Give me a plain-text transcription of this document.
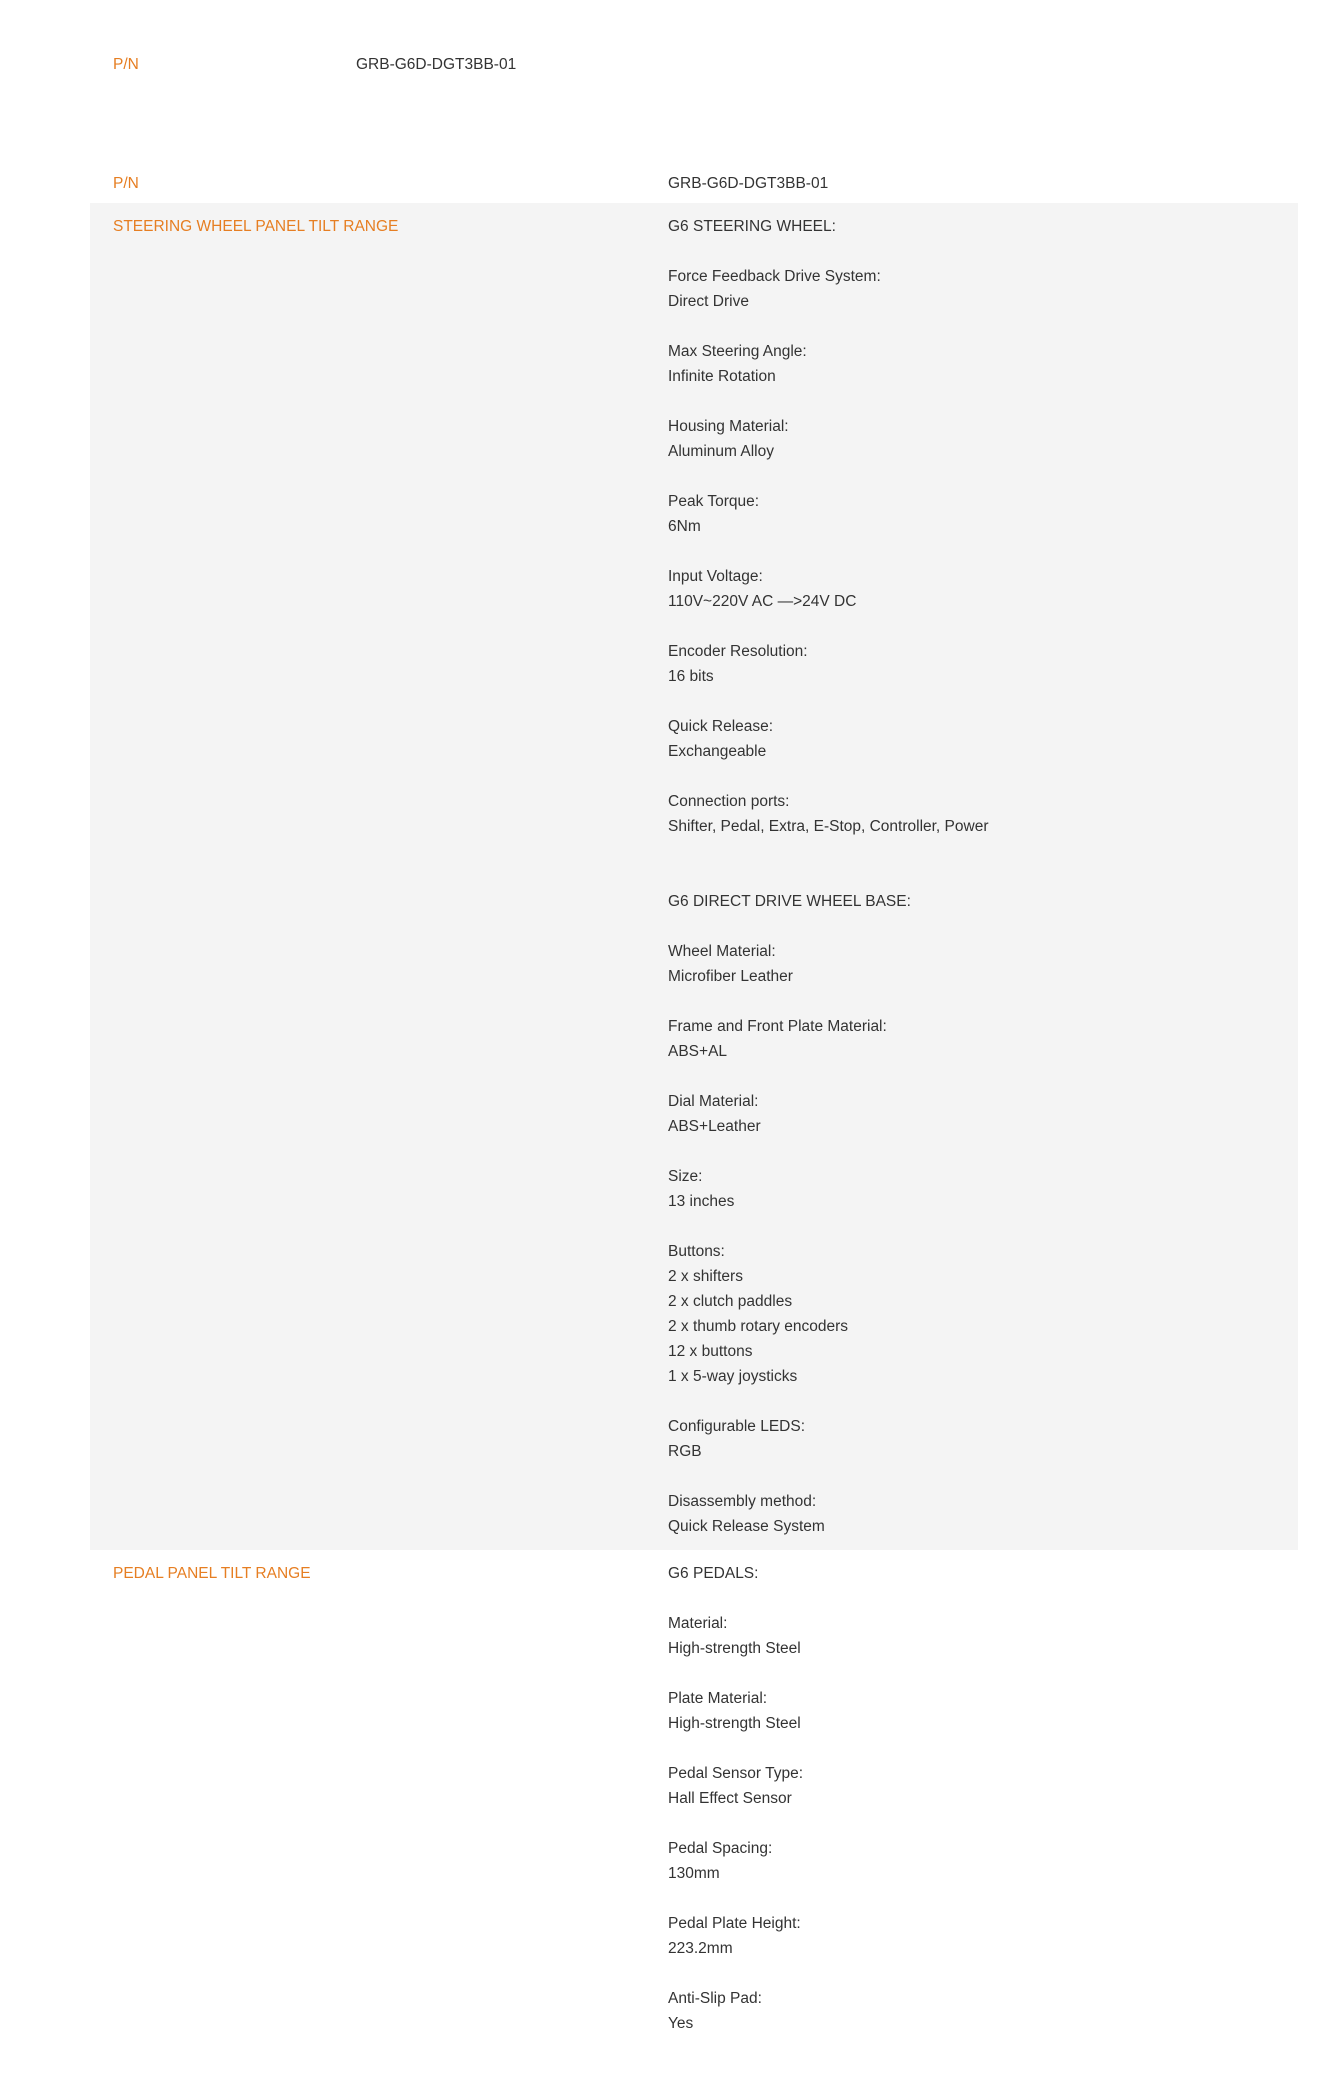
P/N	GRB-G6D-DGT3BB-01
P/N	GRB-G6D-DGT3BB-01
STEERING WHEEL PANEL TILT RANGE	G6 STEERING WHEEL:
Force Feedback Drive System:
Direct Drive
Max Steering Angle:
Infinite Rotation
Housing Material:
Aluminum Alloy
Peak Torque:
6Nm
Input Voltage:
110V~220V AC —>24V DC
Encoder Resolution:
16 bits
Quick Release:
Exchangeable
Connection ports:
Shifter, Pedal, Extra, E-Stop, Controller, Power
G6 DIRECT DRIVE WHEEL BASE:
Wheel Material:
Microfiber Leather
Frame and Front Plate Material:
ABS+AL
Dial Material:
ABS+Leather
Size:
13 inches
Buttons:
2 x shifters
2 x clutch paddles
2 x thumb rotary encoders
12 x buttons
1 x 5-way joysticks
Configurable LEDS:
RGB
Disassembly method:
Quick Release System
PEDAL PANEL TILT RANGE	G6 PEDALS:
Material:
High-strength Steel
Plate Material:
High-strength Steel
Pedal Sensor Type:
Hall Effect Sensor
Pedal Spacing:
130mm
Pedal Plate Height:
223.2mm
Anti-Slip Pad:
Yes
